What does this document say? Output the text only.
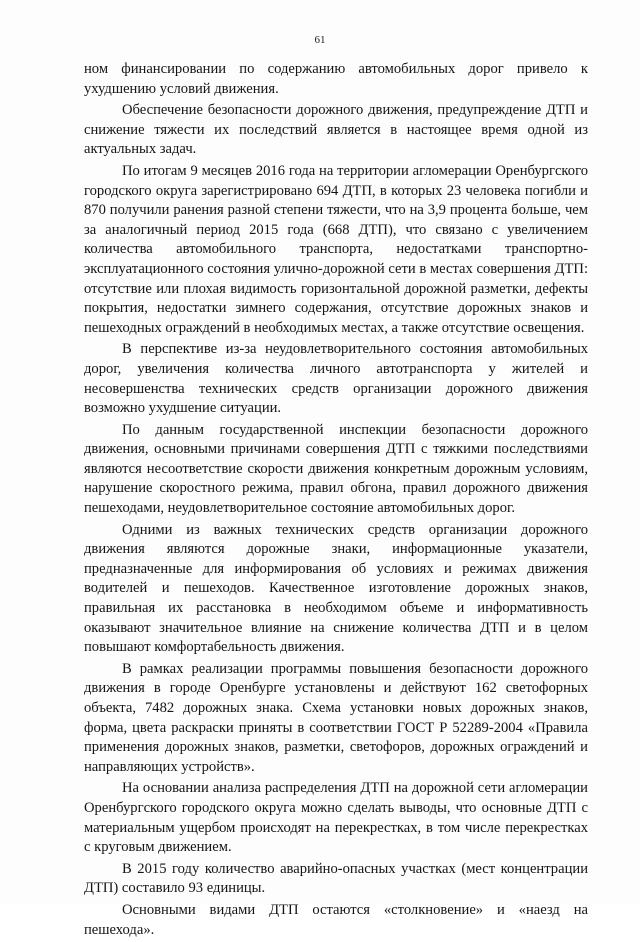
61

ном финансировании по содержанию автомобильных дорог привело к ухудшению условий движения.

Обеспечение безопасности дорожного движения, предупреждение ДТП и снижение тяжести их последствий является в настоящее время одной из актуальных задач.

По итогам 9 месяцев 2016 года на территории агломерации Оренбургского городского округа зарегистрировано 694 ДТП, в которых 23 человека погибли и 870 получили ранения разной степени тяжести, что на 3,9 процента больше, чем за аналогичный период 2015 года (668 ДТП), что связано с увеличением количества автомобильного транспорта, недостатками транспортно-эксплуатационного состояния улично-дорожной сети в местах совершения ДТП: отсутствие или плохая видимость горизонтальной дорожной разметки, дефекты покрытия, недостатки зимнего содержания, отсутствие дорожных знаков и пешеходных ограждений в необходимых местах, а также отсутствие освещения.

В перспективе из-за неудовлетворительного состояния автомобильных дорог, увеличения количества личного автотранспорта у жителей и несовершенства технических средств организации дорожного движения возможно ухудшение ситуации.

По данным государственной инспекции безопасности дорожного движения, основными причинами совершения ДТП с тяжкими последствиями являются несоответствие скорости движения конкретным дорожным условиям, нарушение скоростного режима, правил обгона, правил дорожного движения пешеходами, неудовлетворительное состояние автомобильных дорог.

Одними из важных технических средств организации дорожного движения являются дорожные знаки, информационные указатели, предназначенные для информирования об условиях и режимах движения водителей и пешеходов. Качественное изготовление дорожных знаков, правильная их расстановка в необходимом объеме и информативность оказывают значительное влияние на снижение количества ДТП и в целом повышают комфортабельность движения.

В рамках реализации программы повышения безопасности дорожного движения в городе Оренбурге установлены и действуют 162 светофорных объекта, 7482 дорожных знака. Схема установки новых дорожных знаков, форма, цвета раскраски приняты в соответствии ГОСТ Р 52289-2004 «Правила применения дорожных знаков, разметки, светофоров, дорожных ограждений и направляющих устройств».

На основании анализа распределения ДТП на дорожной сети агломерации Оренбургского городского округа можно сделать выводы, что основные ДТП с материальным ущербом происходят на перекрестках, в том числе перекрестках с круговым движением.

В 2015 году количество аварийно-опасных участках (мест концентрации ДТП) составило 93 единицы.

Основными видами ДТП остаются «столкновение» и «наезд на пешехода».
